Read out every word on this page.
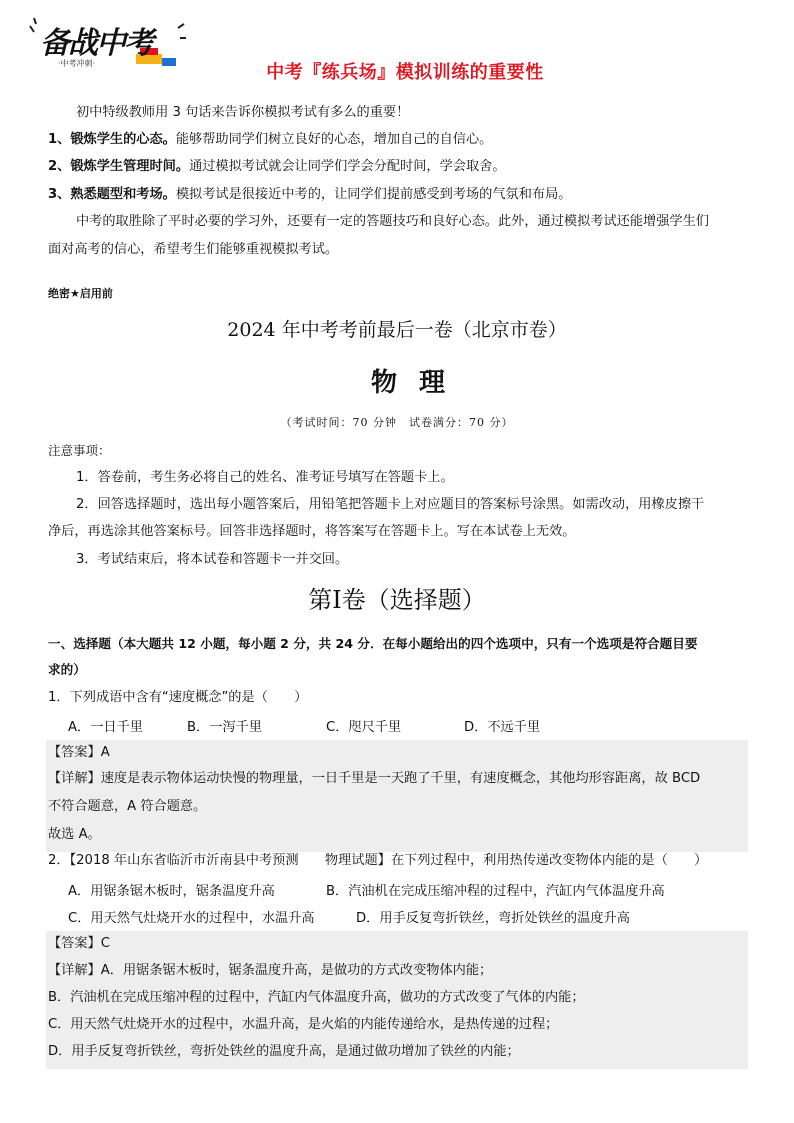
备战中考
·中考冲刺·	中考『练兵场』模拟训练的重要性
初中特级教师用 3 句话来告诉你模拟考试有多么的重要！
1、锻炼学生的心态。能够帮助同学们树立良好的心态，增加自己的自信心。
2、锻炼学生管理时间。通过模拟考试就会让同学们学会分配时间，学会取舍。
3、熟悉题型和考场。模拟考试是很接近中考的，让同学们提前感受到考场的气氛和布局。
中考的取胜除了平时必要的学习外，还要有一定的答题技巧和良好心态。此外，通过模拟考试还能增强学生们
面对高考的信心，希望考生们能够重视模拟考试。
绝密★启用前
2024 年中考考前最后一卷（北京市卷）
物理
（考试时间：70 分钟　试卷满分：70 分）
注意事项：
1．答卷前，考生务必将自己的姓名、准考证号填写在答题卡上。
2．回答选择题时，选出每小题答案后，用铅笔把答题卡上对应题目的答案标号涂黑。如需改动，用橡皮擦干
净后，再选涂其他答案标号。回答非选择题时，将答案写在答题卡上。写在本试卷上无效。
3．考试结束后，将本试卷和答题卡一并交回。
第Ⅰ卷（选择题）
一、选择题（本大题共 12 小题，每小题 2 分，共 24 分．在每小题给出的四个选项中，只有一个选项是符合题目要
求的）
1．下列成语中含有“速度概念”的是（　　）
A．一日千里	B．一泻千里	C．咫尺千里	D．不远千里
【答案】A
【详解】速度是表示物体运动快慢的物理量，一日千里是一天跑了千里，有速度概念，其他均形容距离，故 BCD
不符合题意，A 符合题意。
故选 A。
2．【2018 年山东省临沂市沂南县中考预测　　物理试题】在下列过程中，利用热传递改变物体内能的是（　　）
A．用锯条锯木板时，锯条温度升高	B．汽油机在完成压缩冲程的过程中，汽缸内气体温度升高
C．用天然气灶烧开水的过程中，水温升高	D．用手反复弯折铁丝，弯折处铁丝的温度升高
【答案】C
【详解】A．用锯条锯木板时，锯条温度升高，是做功的方式改变物体内能；
B．汽油机在完成压缩冲程的过程中，汽缸内气体温度升高，做功的方式改变了气体的内能；
C．用天然气灶烧开水的过程中，水温升高，是火焰的内能传递给水，是热传递的过程；
D．用手反复弯折铁丝，弯折处铁丝的温度升高，是通过做功增加了铁丝的内能；
